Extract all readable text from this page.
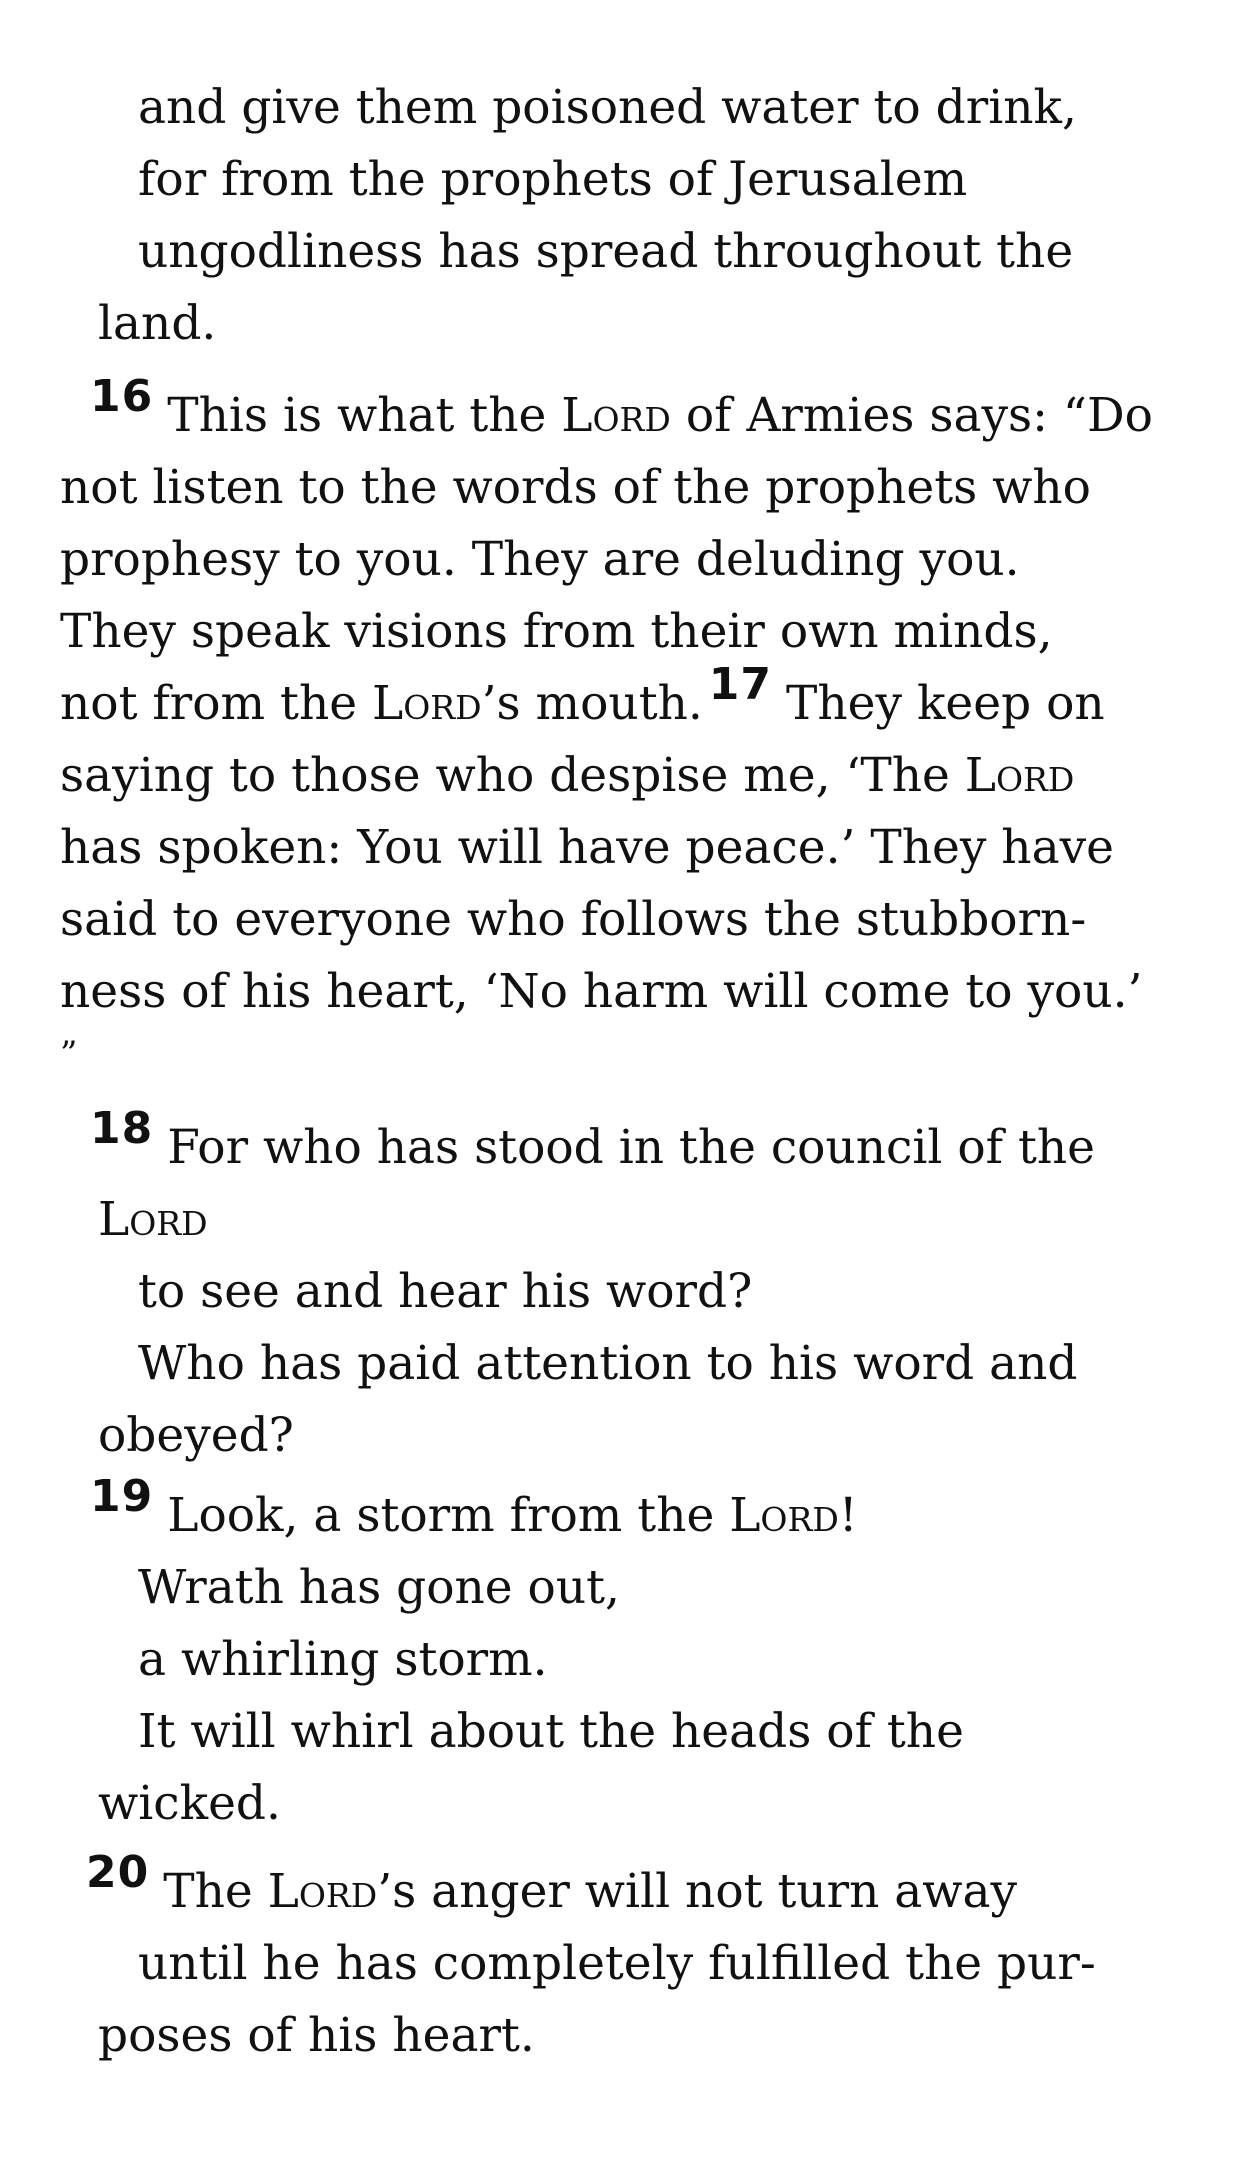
and give them poisoned water to drink,
for from the prophets of Jerusalem
ungodliness has spread throughout the
land.
16 This is what the Lord of Armies says: “Do
not listen to the words of the prophets who
prophesy to you. They are deluding you.
They speak visions from their own minds,
not from the Lord’s mouth. 17 They keep on
saying to those who despise me, ‘The Lord
has spoken: You will have peace.’ They have
said to everyone who follows the stubborn-
ness of his heart, ‘No harm will come to you.’
”
18 For who has stood in the council of the
Lord
to see and hear his word?
Who has paid attention to his word and
obeyed?
19 Look, a storm from the Lord!
Wrath has gone out,
a whirling storm.
It will whirl about the heads of the
wicked.
20 The Lord’s anger will not turn away
until he has completely fulfilled the pur-
poses of his heart.
